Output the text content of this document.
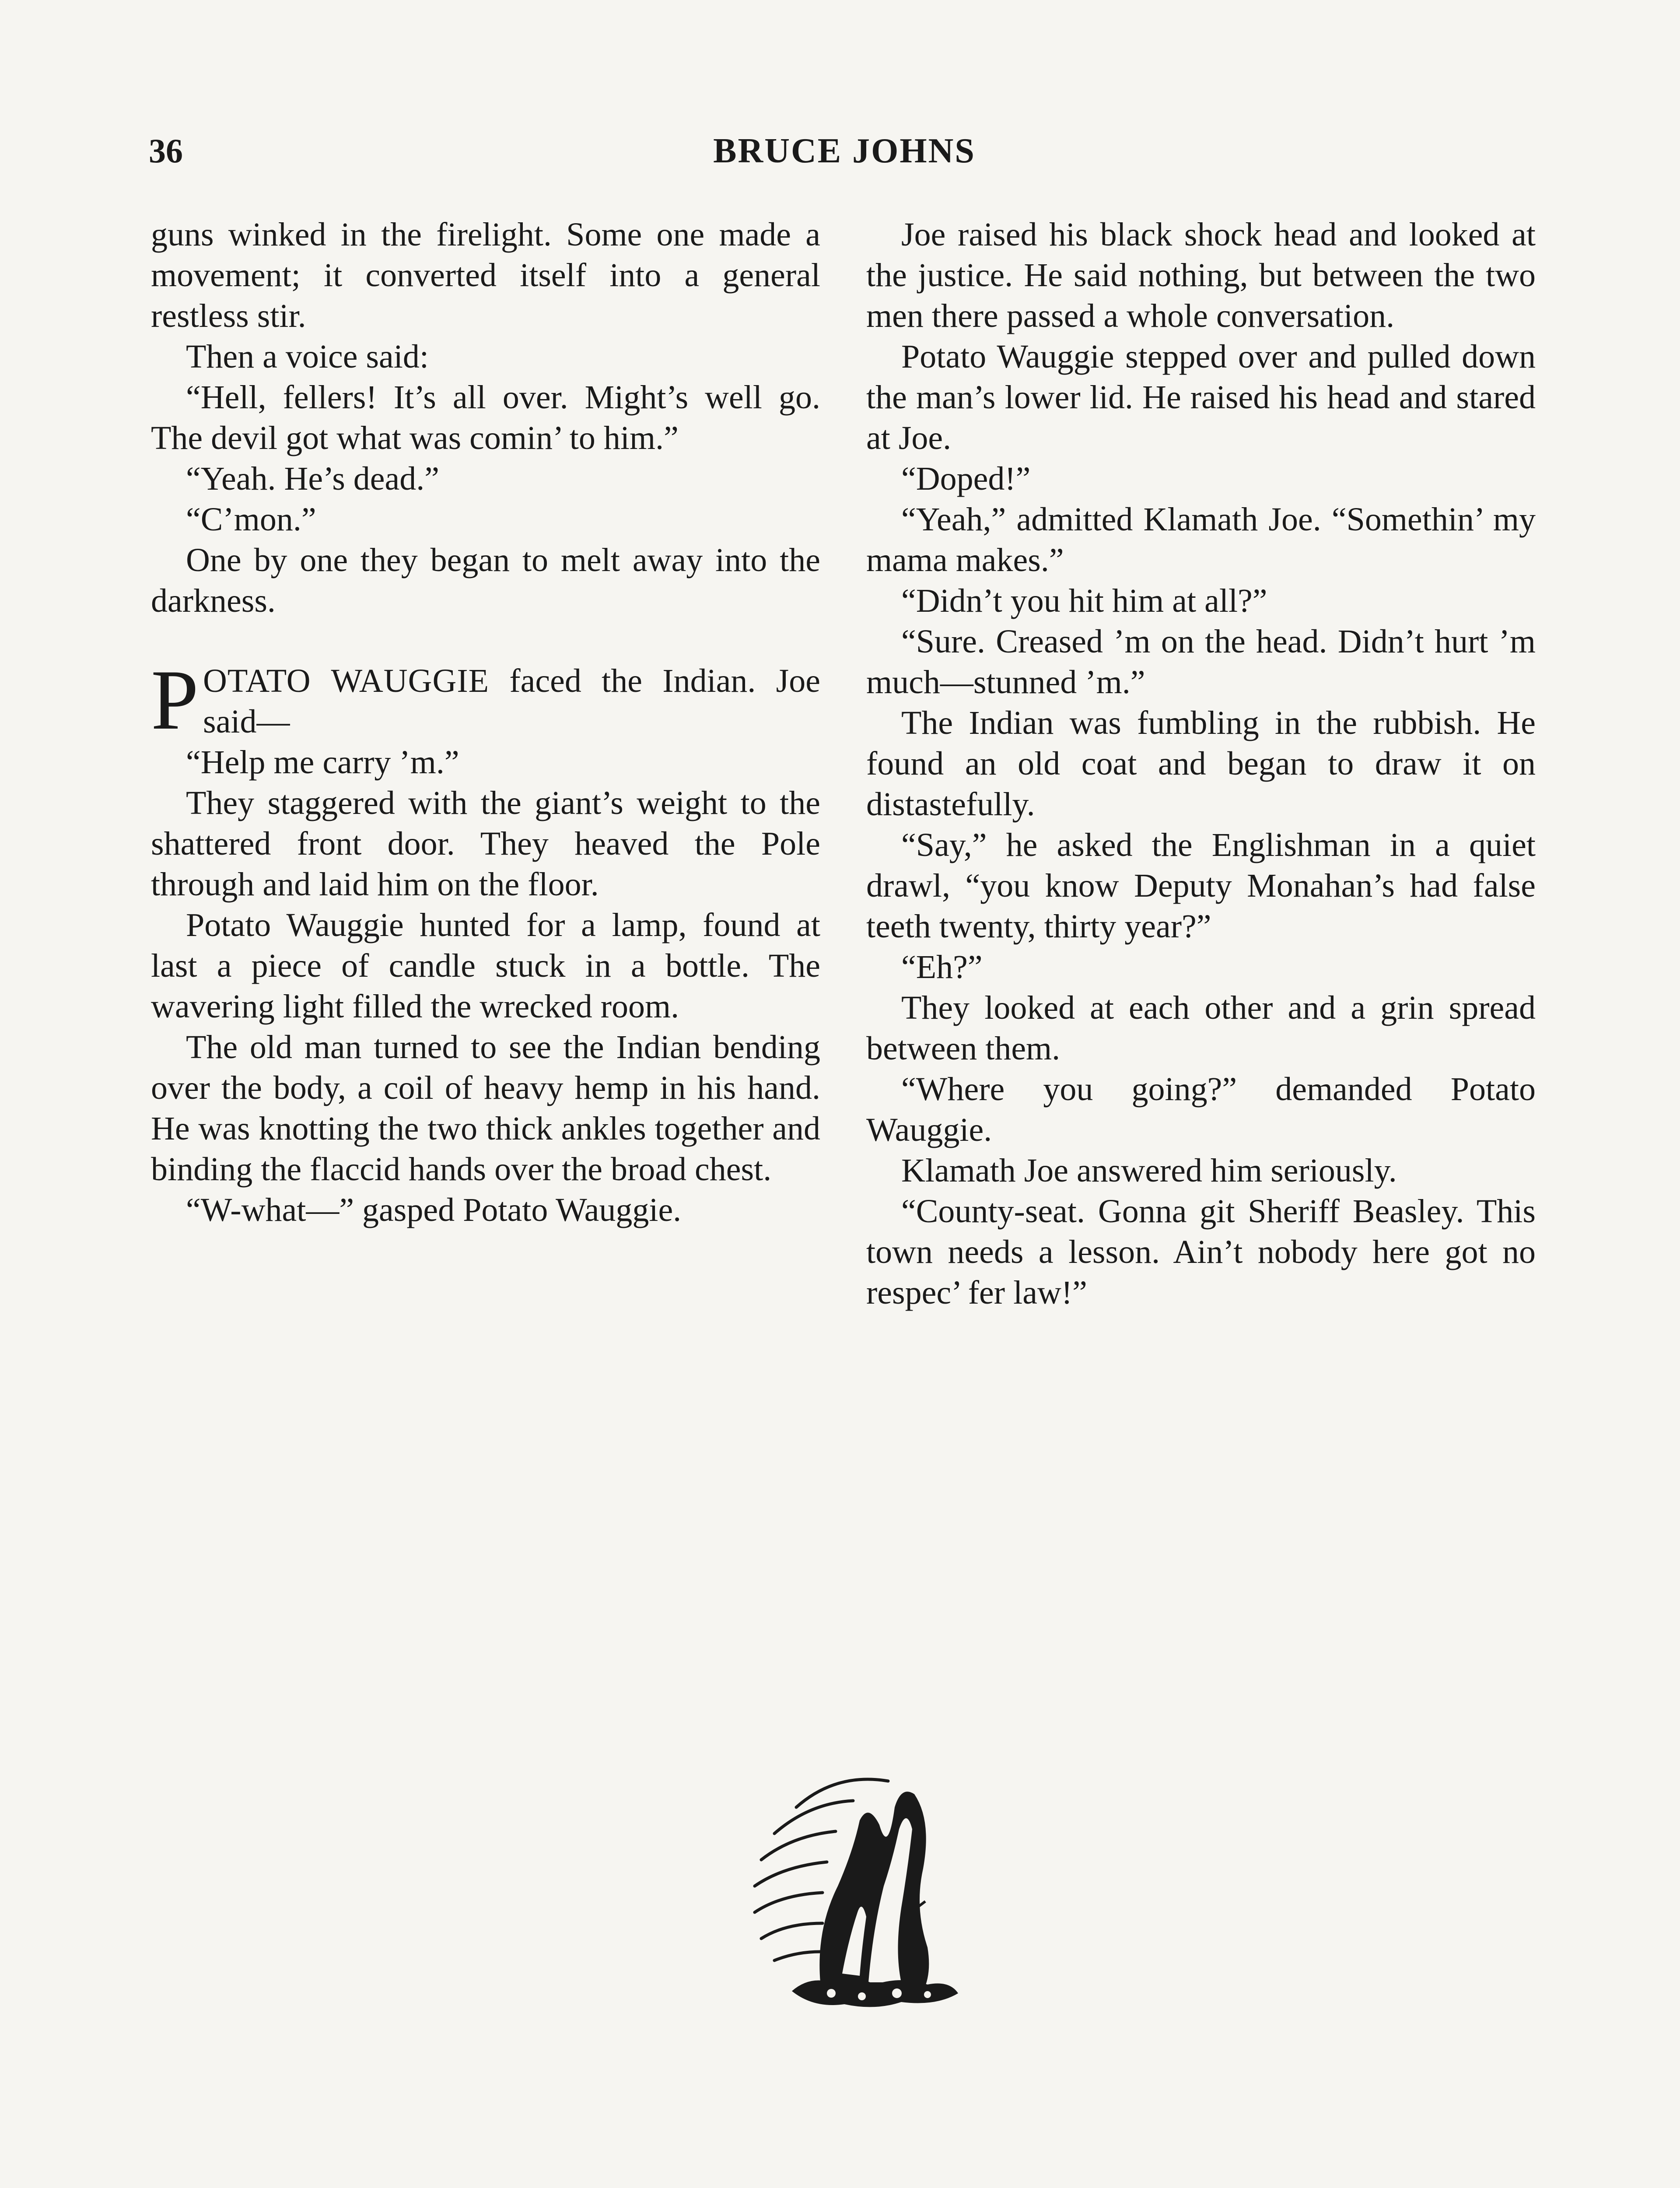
36	BRUCE JOHNS

guns winked in the firelight. Some one made a movement; it converted itself into a general restless stir.

Then a voice said:

“Hell, fellers! It’s all over. Might’s well go. The devil got what was comin’ to him.”

“Yeah. He’s dead.”

“C’mon.”

One by one they began to melt away into the darkness.

POTATO WAUGGIE faced the Indian. Joe said—

“Help me carry ’m.”

They staggered with the giant’s weight to the shattered front door. They heaved the Pole through and laid him on the floor.

Potato Wauggie hunted for a lamp, found at last a piece of candle stuck in a bottle. The wavering light filled the wrecked room.

The old man turned to see the Indian bending over the body, a coil of heavy hemp in his hand. He was knotting the two thick ankles together and binding the flaccid hands over the broad chest.

“W-what—” gasped Potato Wauggie.

Joe raised his black shock head and looked at the justice. He said nothing, but between the two men there passed a whole conversation.

Potato Wauggie stepped over and pulled down the man’s lower lid. He raised his head and stared at Joe.

“Doped!”

“Yeah,” admitted Klamath Joe. “Somethin’ my mama makes.”

“Didn’t you hit him at all?”

“Sure. Creased ’m on the head. Didn’t hurt ’m much—stunned ’m.”

The Indian was fumbling in the rubbish. He found an old coat and began to draw it on distastefully.

“Say,” he asked the Englishman in a quiet drawl, “you know Deputy Monahan’s had false teeth twenty, thirty year?”

“Eh?”

They looked at each other and a grin spread between them.

“Where you going?” demanded Potato Wauggie.

Klamath Joe answered him seriously.

“County-seat. Gonna git Sheriff Beasley. This town needs a lesson. Ain’t nobody here got no respec’ fer law!”
